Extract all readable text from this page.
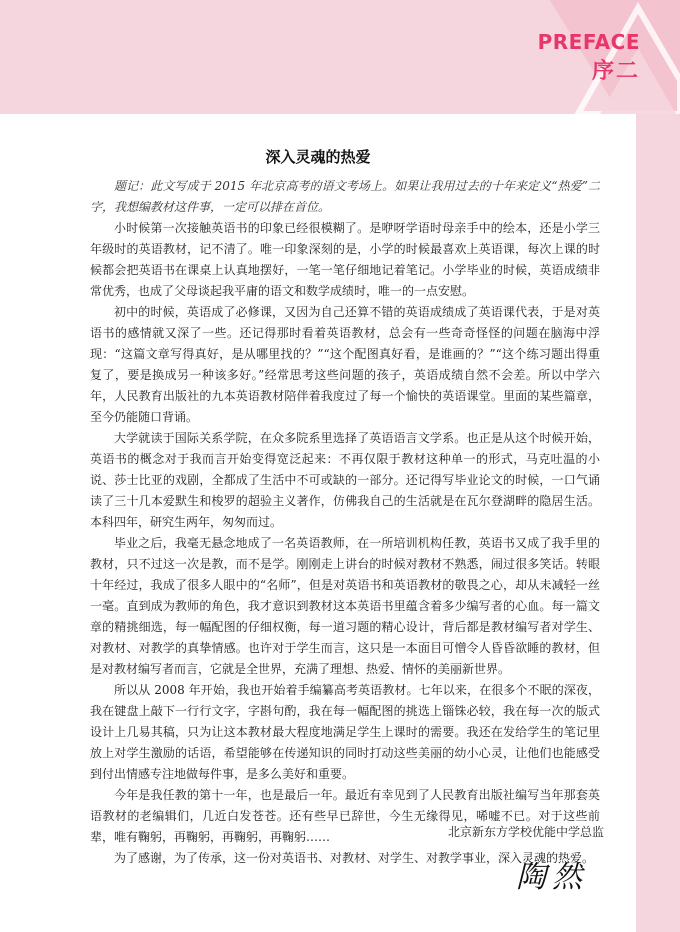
PREFACE
序二
深入灵魂的热爱

题记：此文写成于 2015 年北京高考的语文考场上。如果让我用过去的十年来定义“热爱”二字，我想编教材这件事，一定可以排在首位。

小时候第一次接触英语书的印象已经很模糊了。是咿呀学语时母亲手中的绘本，还是小学三年级时的英语教材，记不清了。唯一印象深刻的是，小学的时候最喜欢上英语课，每次上课的时候都会把英语书在课桌上认真地摆好，一笔一笔仔细地记着笔记。小学毕业的时候，英语成绩非常优秀，也成了父母谈起我平庸的语文和数学成绩时，唯一的一点安慰。

初中的时候，英语成了必修课，又因为自己还算不错的英语成绩成了英语课代表，于是对英语书的感情就又深了一些。还记得那时看着英语教材，总会有一些奇奇怪怪的问题在脑海中浮现：“这篇文章写得真好，是从哪里找的？”“这个配图真好看，是谁画的？”“这个练习题出得重复了，要是换成另一种该多好。”经常思考这些问题的孩子，英语成绩自然不会差。所以中学六年，人民教育出版社的九本英语教材陪伴着我度过了每一个愉快的英语课堂。里面的某些篇章，至今仍能随口背诵。

大学就读于国际关系学院，在众多院系里选择了英语语言文学系。也正是从这个时候开始，英语书的概念对于我而言开始变得宽泛起来：不再仅限于教材这种单一的形式，马克吐温的小说、莎士比亚的戏剧，全都成了生活中不可或缺的一部分。还记得写毕业论文的时候，一口气诵读了三十几本爱默生和梭罗的超验主义著作，仿佛我自己的生活就是在瓦尔登湖畔的隐居生活。本科四年，研究生两年，匆匆而过。

毕业之后，我毫无悬念地成了一名英语教师，在一所培训机构任教，英语书又成了我手里的教材，只不过这一次是教，而不是学。刚刚走上讲台的时候对教材不熟悉，闹过很多笑话。转眼十年经过，我成了很多人眼中的“名师”，但是对英语书和英语教材的敬畏之心，却从未减轻一丝一毫。直到成为教师的角色，我才意识到教材这本英语书里蕴含着多少编写者的心血。每一篇文章的精挑细选，每一幅配图的仔细权衡，每一道习题的精心设计，背后都是教材编写者对学生、对教材、对教学的真挚情感。也许对于学生而言，这只是一本面目可憎令人昏昏欲睡的教材，但是对教材编写者而言，它就是全世界，充满了理想、热爱、情怀的美丽新世界。

所以从 2008 年开始，我也开始着手编纂高考英语教材。七年以来，在很多个不眠的深夜，我在键盘上敲下一行行文字，字斟句酌，我在每一幅配图的挑选上锱铢必较，我在每一次的版式设计上几易其稿，只为让这本教材最大程度地满足学生上课时的需要。我还在发给学生的笔记里放上对学生激励的话语，希望能够在传递知识的同时打动这些美丽的幼小心灵，让他们也能感受到付出情感专注地做每件事，是多么美好和重要。

今年是我任教的第十一年，也是最后一年。最近有幸见到了人民教育出版社编写当年那套英语教材的老编辑们，几近白发苍苍。还有些早已辞世，今生无缘得见，唏嘘不已。对于这些前辈，唯有鞠躬，再鞠躬，再鞠躬，再鞠躬……

为了感谢，为了传承，这一份对英语书、对教材、对学生、对教学事业，深入灵魂的热爱。

北京新东方学校优能中学总监
陶然
